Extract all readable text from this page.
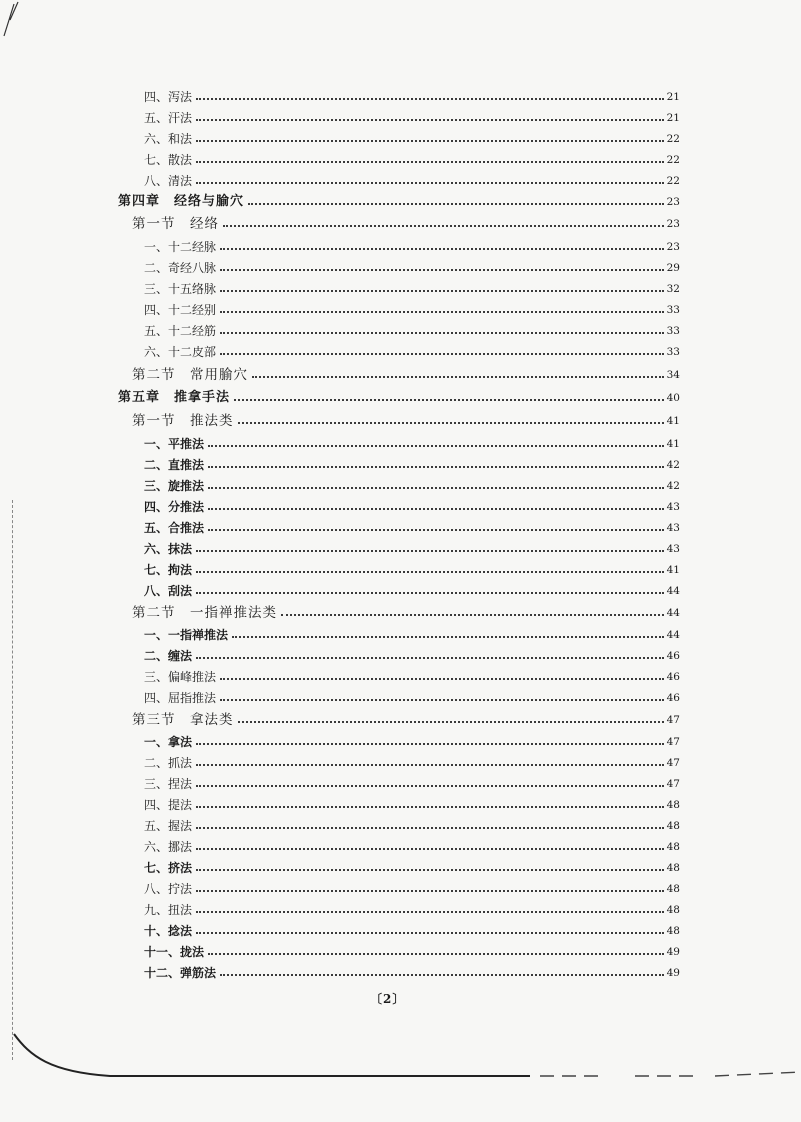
四、泻法	21
五、汗法	21
六、和法	22
七、散法	22
八、清法	22
第四章　经络与腧穴	23
第一节　经络	23
一、十二经脉	23
二、奇经八脉	29
三、十五络脉	32
四、十二经别	33
五、十二经筋	33
六、十二皮部	33
第二节　常用腧穴	34
第五章　推拿手法	40
第一节　推法类	41
一、平推法	41
二、直推法	42
三、旋推法	42
四、分推法	43
五、合推法	43
六、抹法	43
七、拘法	41
八、刮法	44
第二节　一指禅推法类	44
一、一指禅推法	44
二、缠法	46
三、偏峰推法	46
四、屈指推法	46
第三节　拿法类	47
一、拿法	47
二、抓法	47
三、捏法	47
四、提法	48
五、握法	48
六、挪法	48
七、挤法	48
八、拧法	48
九、扭法	48
十、捻法	48
十一、拢法	49
十二、弹筋法	49
〔2〕
